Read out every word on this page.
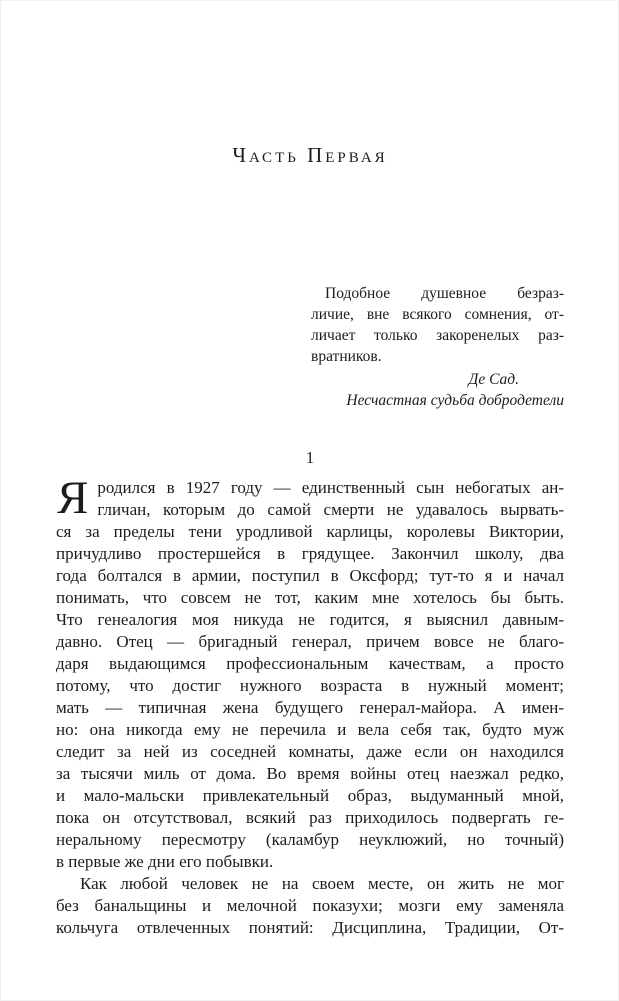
Часть Первая
Подобное душевное безраз-
личие, вне всякого сомнения, от-
личает только закоренелых раз-
вратников.
Де Сад.
Несчастная судьба добродетели
1
Я родился в 1927 году — единственный сын небогатых ан-
гличан, которым до самой смерти не удавалось вырвать-
ся за пределы тени уродливой карлицы, королевы Виктории,
причудливо простершейся в грядущее. Закончил школу, два
года болтался в армии, поступил в Оксфорд; тут-то я и начал
понимать, что совсем не тот, каким мне хотелось бы быть.
Что генеалогия моя никуда не годится, я выяснил давным-
давно. Отец — бригадный генерал, причем вовсе не благо-
даря выдающимся профессиональным качествам, а просто
потому, что достиг нужного возраста в нужный момент;
мать — типичная жена будущего генерал-майора. А имен-
но: она никогда ему не перечила и вела себя так, будто муж
следит за ней из соседней комнаты, даже если он находился
за тысячи миль от дома. Во время войны отец наезжал редко,
и мало-мальски привлекательный образ, выдуманный мной,
пока он отсутствовал, всякий раз приходилось подвергать ге-
неральному пересмотру (каламбур неуклюжий, но точный)
в первые же дни его побывки.
Как любой человек не на своем месте, он жить не мог
без банальщины и мелочной показухи; мозги ему заменяла
кольчуга отвлеченных понятий: Дисциплина, Традиции, От-
